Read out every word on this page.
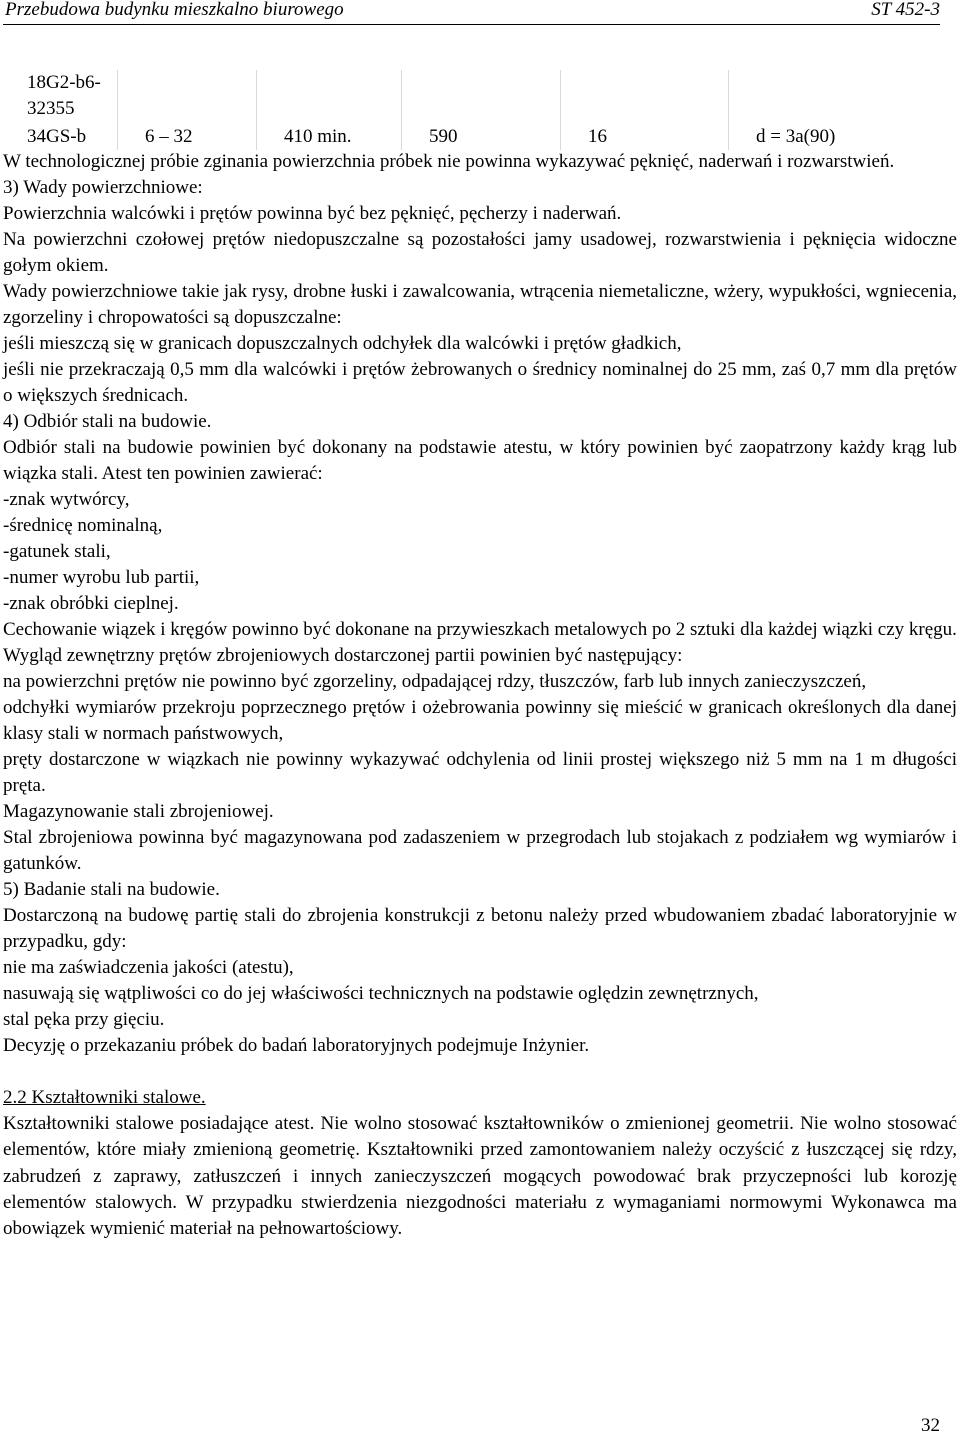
Przebudowa budynku mieszkalno biurowego	ST 452-3
18G2-b6-32355					

34GS-b	6 – 32	410 min.	590	16	d = 3a(90)

W technologicznej próbie zginania powierzchnia próbek nie powinna wykazywać pęknięć, naderwań i rozwarstwień.

3) Wady powierzchniowe:

Powierzchnia walcówki i prętów powinna być bez pęknięć, pęcherzy i naderwań.

Na powierzchni czołowej prętów niedopuszczalne są pozostałości jamy usadowej, rozwarstwienia i pęknięcia widoczne gołym okiem.

Wady powierzchniowe takie jak rysy, drobne łuski i zawalcowania, wtrącenia niemetaliczne, wżery, wypukłości, wgniecenia, zgorzeliny i chropowatości są dopuszczalne:

jeśli mieszczą się w granicach dopuszczalnych odchyłek dla walcówki i prętów gładkich,

jeśli nie przekraczają 0,5 mm dla walcówki i prętów żebrowanych o średnicy nominalnej do 25 mm, zaś 0,7 mm dla prętów o większych średnicach.

4) Odbiór stali na budowie.

Odbiór stali na budowie powinien być dokonany na podstawie atestu, w który powinien być zaopatrzony każdy krąg lub wiązka stali. Atest ten powinien zawierać:

-znak wytwórcy,

-średnicę nominalną,

-gatunek stali,

-numer wyrobu lub partii,

-znak obróbki cieplnej.

Cechowanie wiązek i kręgów powinno być dokonane na przywieszkach metalowych po 2 sztuki dla każdej wiązki czy kręgu.

Wygląd zewnętrzny prętów zbrojeniowych dostarczonej partii powinien być następujący:

na powierzchni prętów nie powinno być zgorzeliny, odpadającej rdzy, tłuszczów, farb lub innych zanieczyszczeń,

odchyłki wymiarów przekroju poprzecznego prętów i ożebrowania powinny się mieścić w granicach określonych dla danej klasy stali w normach państwowych,

pręty dostarczone w wiązkach nie powinny wykazywać odchylenia od linii prostej większego niż 5 mm na 1 m długości pręta.

Magazynowanie stali zbrojeniowej.

Stal zbrojeniowa powinna być magazynowana pod zadaszeniem w przegrodach lub stojakach z podziałem wg wymiarów i gatunków.

5) Badanie stali na budowie.

Dostarczoną na budowę partię stali do zbrojenia konstrukcji z betonu należy przed wbudowaniem zbadać laboratoryjnie w przypadku, gdy:

nie ma zaświadczenia jakości (atestu),

nasuwają się wątpliwości co do jej właściwości technicznych na podstawie oględzin zewnętrznych,

stal pęka przy gięciu.

Decyzję o przekazaniu próbek do badań laboratoryjnych podejmuje Inżynier.

2.2 Kształtowniki stalowe.

Kształtowniki stalowe posiadające atest. Nie wolno stosować kształtowników o zmienionej geometrii. Nie wolno stosować elementów, które miały zmienioną geometrię. Kształtowniki przed zamontowaniem należy oczyścić z łuszczącej się rdzy, zabrudzeń z zaprawy, zatłuszczeń i innych zanieczyszczeń mogących powodować brak przyczepności lub korozję elementów stalowych. W przypadku stwierdzenia niezgodności materiału z wymaganiami normowymi Wykonawca ma obowiązek wymienić materiał na pełnowartościowy.

32
